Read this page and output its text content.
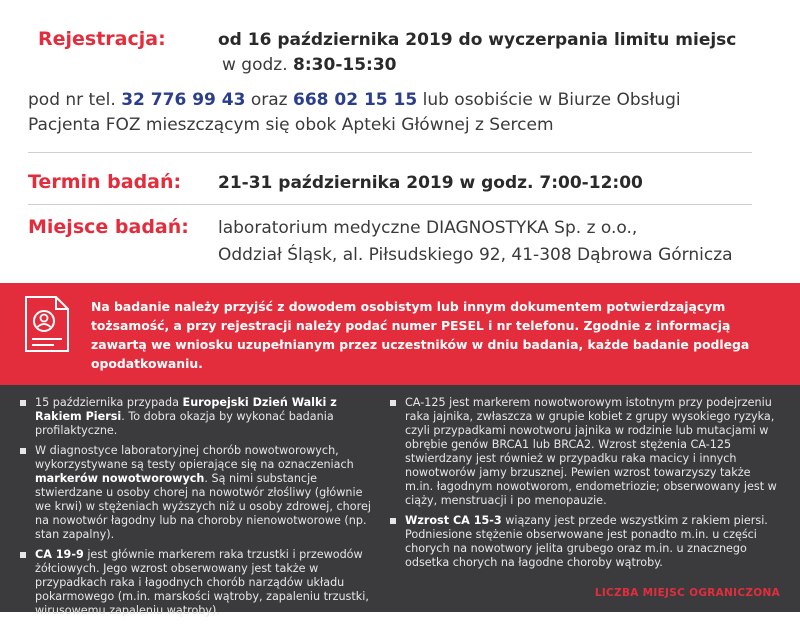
Rejestracja:	od 16 października 2019 do wyczerpania limitu miejsc
w godz. 8:30-15:30
pod nr tel. 32 776 99 43 oraz 668 02 15 15 lub osobiście w Biurze Obsługi
Pacjenta FOZ mieszczącym się obok Apteki Głównej z Sercem
Termin badań: 21-31 października 2019 w godz. 7:00-12:00
Miejsce badań: laboratorium medyczne DIAGNOSTYKA Sp. z o.o.,
Oddział Śląsk, al. Piłsudskiego 92, 41-308 Dąbrowa Górnicza
Na badanie należy przyjść z dowodem osobistym lub innym dokumentem potwierdzającym tożsamość, a przy rejestracji należy podać numer PESEL i nr telefonu. Zgodnie z informacją zawartą we wniosku uzupełnianym przez uczestników w dniu badania, każde badanie podlega opodatkowaniu.
15 października przypada Europejski Dzień Walki z Rakiem Piersi. To dobra okazja by wykonać badania profilaktyczne.
W diagnostyce laboratoryjnej chorób nowotworowych, wykorzystywane są testy opierające się na oznaczeniach markerów nowotworowych. Są nimi substancje stwierdzane u osoby chorej na nowotwór złośliwy (głównie we krwi) w stężeniach wyższych niż u osoby zdrowej, chorej na nowotwór łagodny lub na choroby nienowotworowe (np. stan zapalny).
CA 19-9 jest głównie markerem raka trzustki i przewodów żółciowych. Jego wzrost obserwowany jest także w przypadkach raka i łagodnych chorób narządów układu pokarmowego (m.in. marskości wątroby, zapaleniu trzustki, wirusowemu zapaleniu wątroby).
CA-125 jest markerem nowotworowym istotnym przy podejrzeniu raka jajnika, zwłaszcza w grupie kobiet z grupy wysokiego ryzyka, czyli przypadkami nowotworu jajnika w rodzinie lub mutacjami w obrębie genów BRCA1 lub BRCA2. Wzrost stężenia CA-125 stwierdzany jest również w przypadku raka macicy i innych nowotworów jamy brzusznej. Pewien wzrost towarzyszy także m.in. łagodnym nowotworom, endometriozie; obserwowany jest w ciąży, menstruacji i po menopauzie.
Wzrost CA 15-3 wiązany jest przede wszystkim z rakiem piersi. Podniesione stężenie obserwowane jest ponadto m.in. u części chorych na nowotwory jelita grubego oraz m.in. u znacznego odsetka chorych na łagodne choroby wątroby.
LICZBA MIEJSC OGRANICZONA
